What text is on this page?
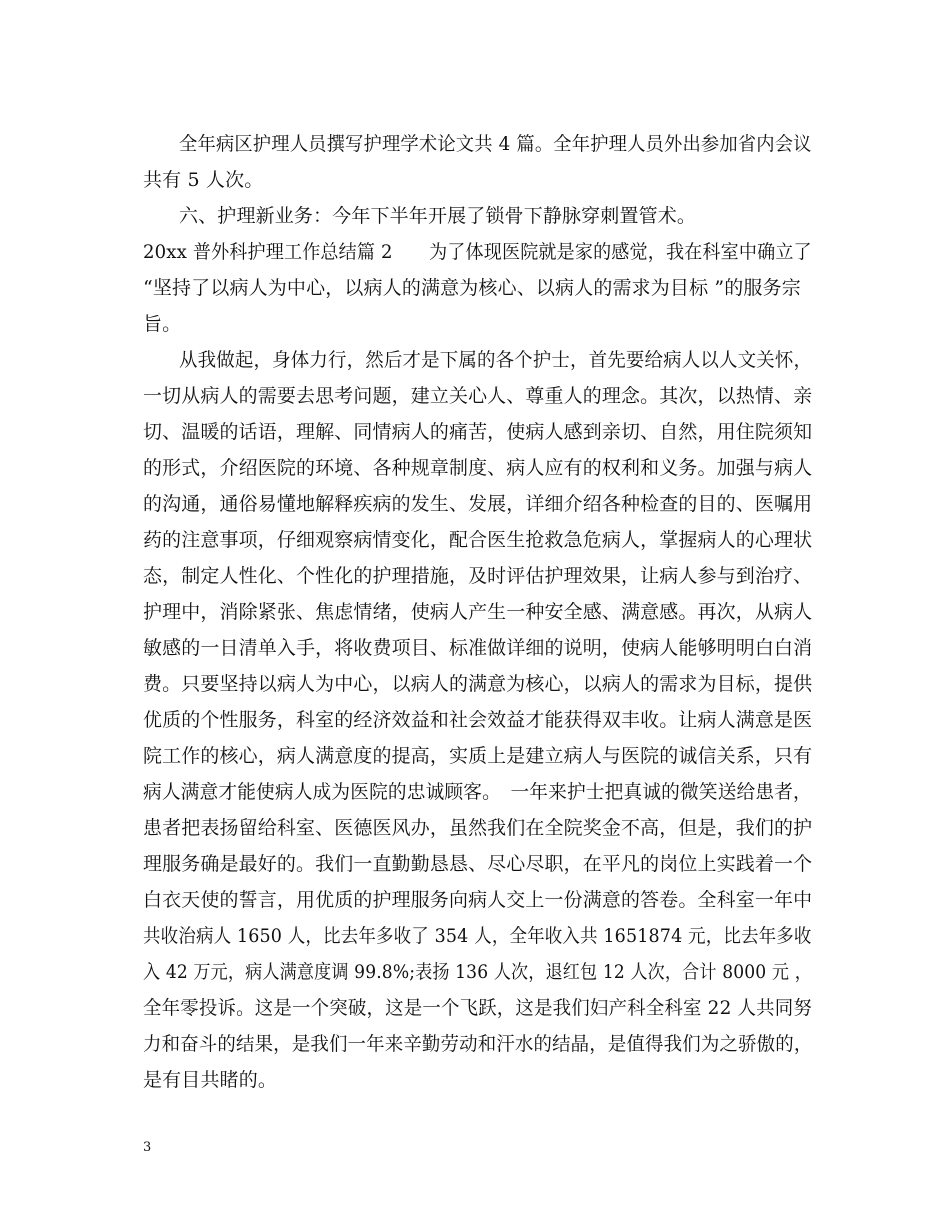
全年病区护理人员撰写护理学术论文共 4 篇。全年护理人员外出参加省内会议
共有 5 人次。
六、护理新业务：今年下半年开展了锁骨下静脉穿刺置管术。
20xx 普外科护理工作总结篇 2　　为了体现医院就是家的感觉，我在科室中确立了
“坚持了以病人为中心，以病人的满意为核心、以病人的需求为目标 ”的服务宗
旨。
从我做起，身体力行，然后才是下属的各个护士，首先要给病人以人文关怀，
一切从病人的需要去思考问题，建立关心人、尊重人的理念。其次，以热情、亲
切、温暖的话语，理解、同情病人的痛苦，使病人感到亲切、自然，用住院须知
的形式，介绍医院的环境、各种规章制度、病人应有的权利和义务。加强与病人
的沟通，通俗易懂地解释疾病的发生、发展，详细介绍各种检查的目的、医嘱用
药的注意事项，仔细观察病情变化，配合医生抢救急危病人，掌握病人的心理状
态，制定人性化、个性化的护理措施，及时评估护理效果，让病人参与到治疗、
护理中，消除紧张、焦虑情绪，使病人产生一种安全感、满意感。再次，从病人
敏感的一日清单入手，将收费项目、标准做详细的说明，使病人能够明明白白消
费。只要坚持以病人为中心，以病人的满意为核心，以病人的需求为目标，提供
优质的个性服务，科室的经济效益和社会效益才能获得双丰收。让病人满意是医
院工作的核心，病人满意度的提高，实质上是建立病人与医院的诚信关系，只有
病人满意才能使病人成为医院的忠诚顾客。　一年来护士把真诚的微笑送给患者，
患者把表扬留给科室、医德医风办，虽然我们在全院奖金不高，但是，我们的护
理服务确是最好的。我们一直勤勤恳恳、尽心尽职，在平凡的岗位上实践着一个
白衣天使的誓言，用优质的护理服务向病人交上一份满意的答卷。全科室一年中
共收治病人 1650 人，比去年多收了 354 人，全年收入共 1651874 元，比去年多收
入 42 万元，病人满意度调 99.8%;表扬 136 人次，退红包 12 人次，合计 8000 元 ，
全年零投诉。这是一个突破，这是一个飞跃，这是我们妇产科全科室 22 人共同努
力和奋斗的结果，是我们一年来辛勤劳动和汗水的结晶，是值得我们为之骄傲的，
是有目共睹的。
3
